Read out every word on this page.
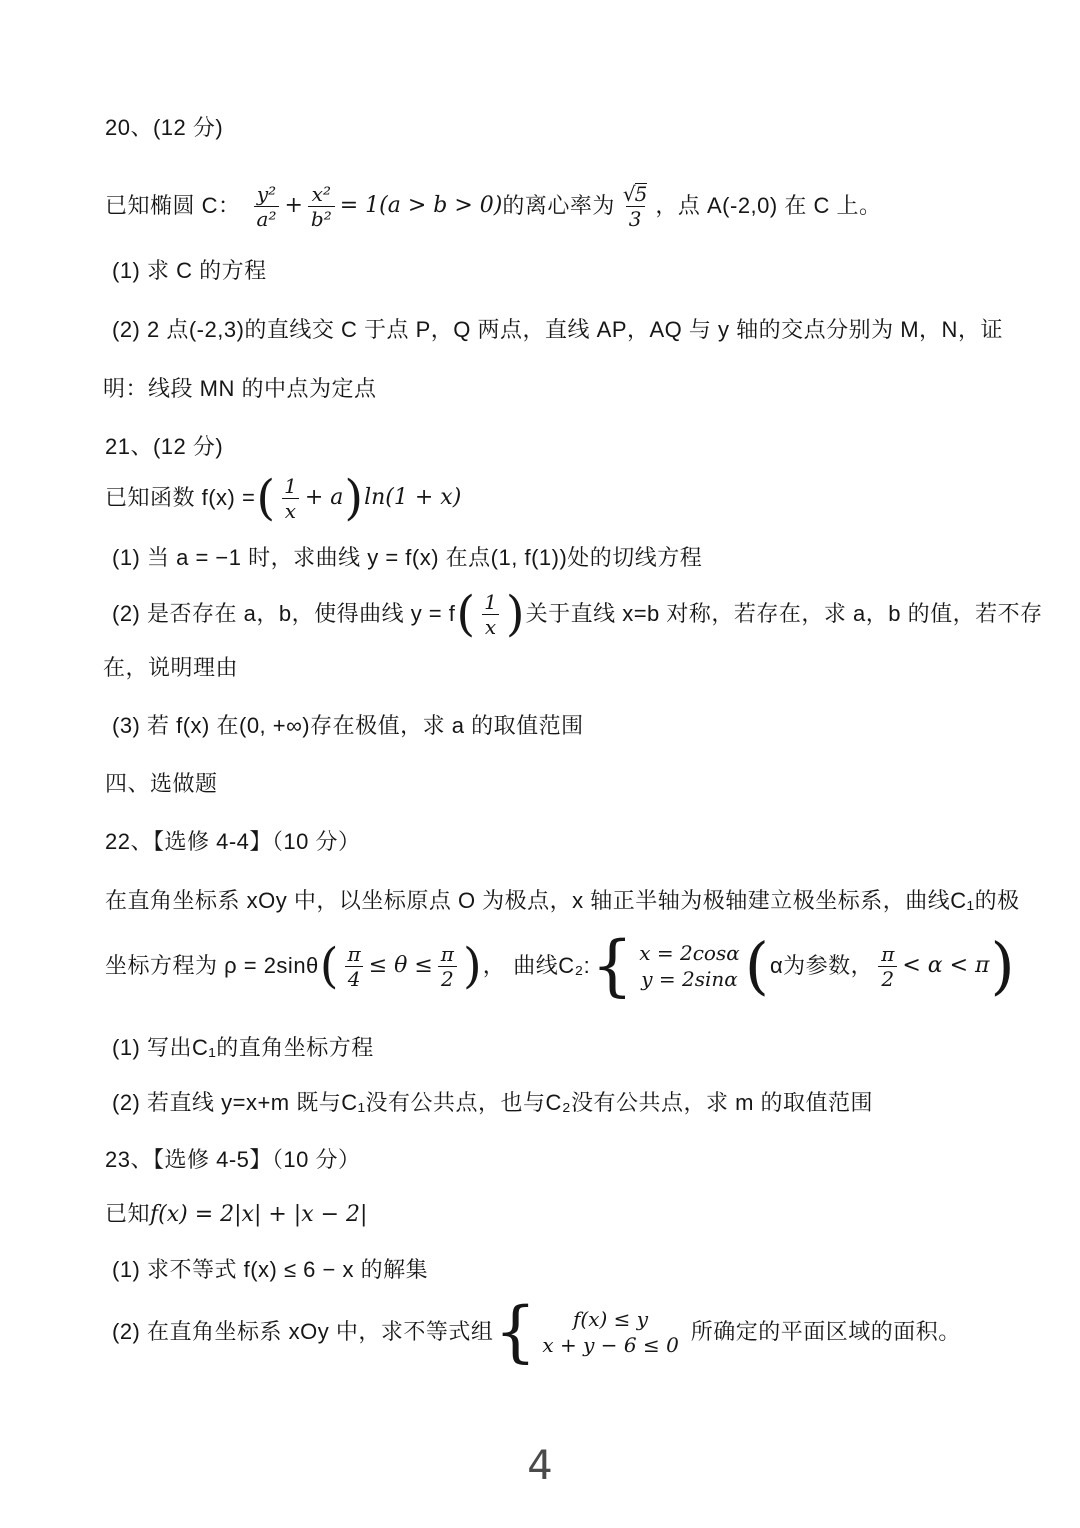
20、(12 分)
已知椭圆 C： $\frac{\text{y²}}{\text{a²}} + \frac{\text{x²}}{\text{b²}} = 1(a > b > 0)$ 的离心率为 $\frac{√5}{3}$ ，点 A(-2,0) 在 C 上。
(1) 求 C 的方程
(2) 2 点(-2,3)的直线交 C 于点 P，Q 两点，直线 AP，AQ 与 y 轴的交点分别为 M，N，证
明：线段 MN 的中点为定点
21、(12 分)
已知函数 f(x) = ( $\frac{1}{x} + a$ ) ln(1 + x)
(1) 当 a = −1 时，求曲线 y = f(x) 在点(1, f(1))处的切线方程
(2) 是否存在 a，b，使得曲线 y = f ( $\frac{1}{x}$ ) 关于直线 x=b 对称，若存在，求 a，b 的值，若不存
在，说明理由
(3) 若 f(x) 在(0, +∞)存在极值，求 a 的取值范围
四、选做题
22、【选修 4-4】（10 分）
在直角坐标系 xOy 中，以坐标原点 O 为极点，x 轴正半轴为极轴建立极坐标系，曲线C₁的极
坐标方程为 ρ = 2sinθ ( $\frac{\pi}{4} \le \theta \le \frac{\pi}{2}$ ) ， 曲线C₂: { x = 2cosα
y = 2sinα ( α为参数， $\frac{\pi}{2} < \alpha < \pi$ )
(1) 写出C₁的直角坐标方程
(2) 若直线 y=x+m 既与C₁没有公共点，也与C₂没有公共点，求 m 的取值范围
23、【选修 4-5】（10 分）
已知f(x) = 2|x| + |x − 2|
(1) 求不等式 f(x) ≤ 6 − x 的解集
(2) 在直角坐标系 xOy 中，求不等式组 { f(x) ≤ y
x + y − 6 ≤ 0
所确定的平面区域的面积。
4
